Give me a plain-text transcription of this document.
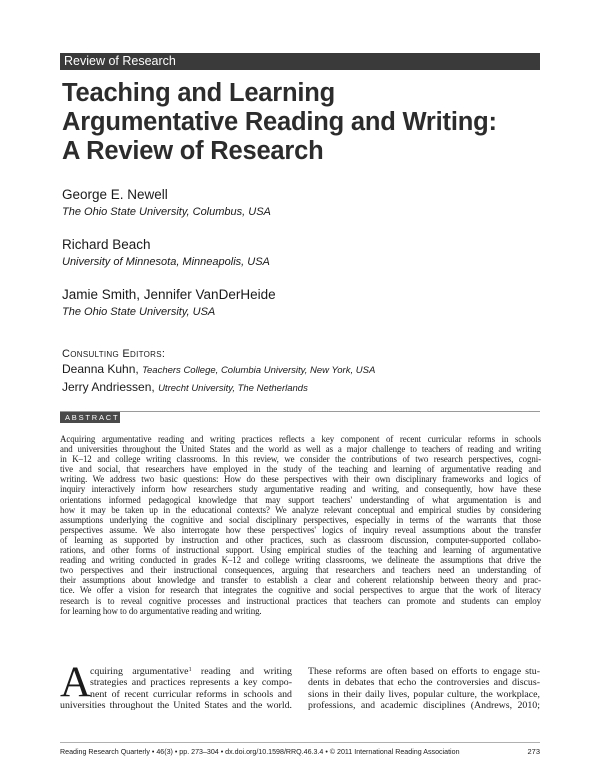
Review of Research
Teaching and Learning
Argumentative Reading and Writing:
A Review of Research
George E. Newell
The Ohio State University, Columbus, USA
Richard Beach
University of Minnesota, Minneapolis, USA
Jamie Smith, Jennifer VanDerHeide
The Ohio State University, USA
Consulting Editors:
Deanna Kuhn, Teachers College, Columbia University, New York, USA
Jerry Andriessen, Utrecht University, The Netherlands
ABSTRACT
Acquiring argumentative reading and writing practices reflects a key component of recent curricular reforms in schools
and universities throughout the United States and the world as well as a major challenge to teachers of reading and writing
in K–12 and college writing classrooms. In this review, we consider the contributions of two research perspectives, cogni-
tive and social, that researchers have employed in the study of the teaching and learning of argumentative reading and
writing. We address two basic questions: How do these perspectives with their own disciplinary frameworks and logics of
inquiry interactively inform how researchers study argumentative reading and writing, and consequently, how have these
orientations informed pedagogical knowledge that may support teachers' understanding of what argumentation is and
how it may be taken up in the educational contexts? We analyze relevant conceptual and empirical studies by considering
assumptions underlying the cognitive and social disciplinary perspectives, especially in terms of the warrants that those
perspectives assume. We also interrogate how these perspectives' logics of inquiry reveal assumptions about the transfer
of learning as supported by instruction and other practices, such as classroom discussion, computer-supported collabo-
rations, and other forms of instructional support. Using empirical studies of the teaching and learning of argumentative
reading and writing conducted in grades K–12 and college writing classrooms, we delineate the assumptions that drive the
two perspectives and their instructional consequences, arguing that researchers and teachers need an understanding of
their assumptions about knowledge and transfer to establish a clear and coherent relationship between theory and prac-
tice. We offer a vision for research that integrates the cognitive and social perspectives to argue that the work of literacy
research is to reveal cognitive processes and instructional practices that teachers can promote and students can employ
for learning how to do argumentative reading and writing.
A
cquiring argumentative$^1$ reading and writing
strategies and practices represents a key compo-
nent of recent curricular reforms in schools and
universities throughout the United States and the world.
These reforms are often based on efforts to engage stu-
dents in debates that echo the controversies and discus-
sions in their daily lives, popular culture, the workplace,
professions, and academic disciplines (Andrews, 2010;
Reading Research Quarterly • 46(3) • pp. 273–304 • dx.doi.org/10.1598/RRQ.46.3.4 • © 2011 International Reading Association	273
